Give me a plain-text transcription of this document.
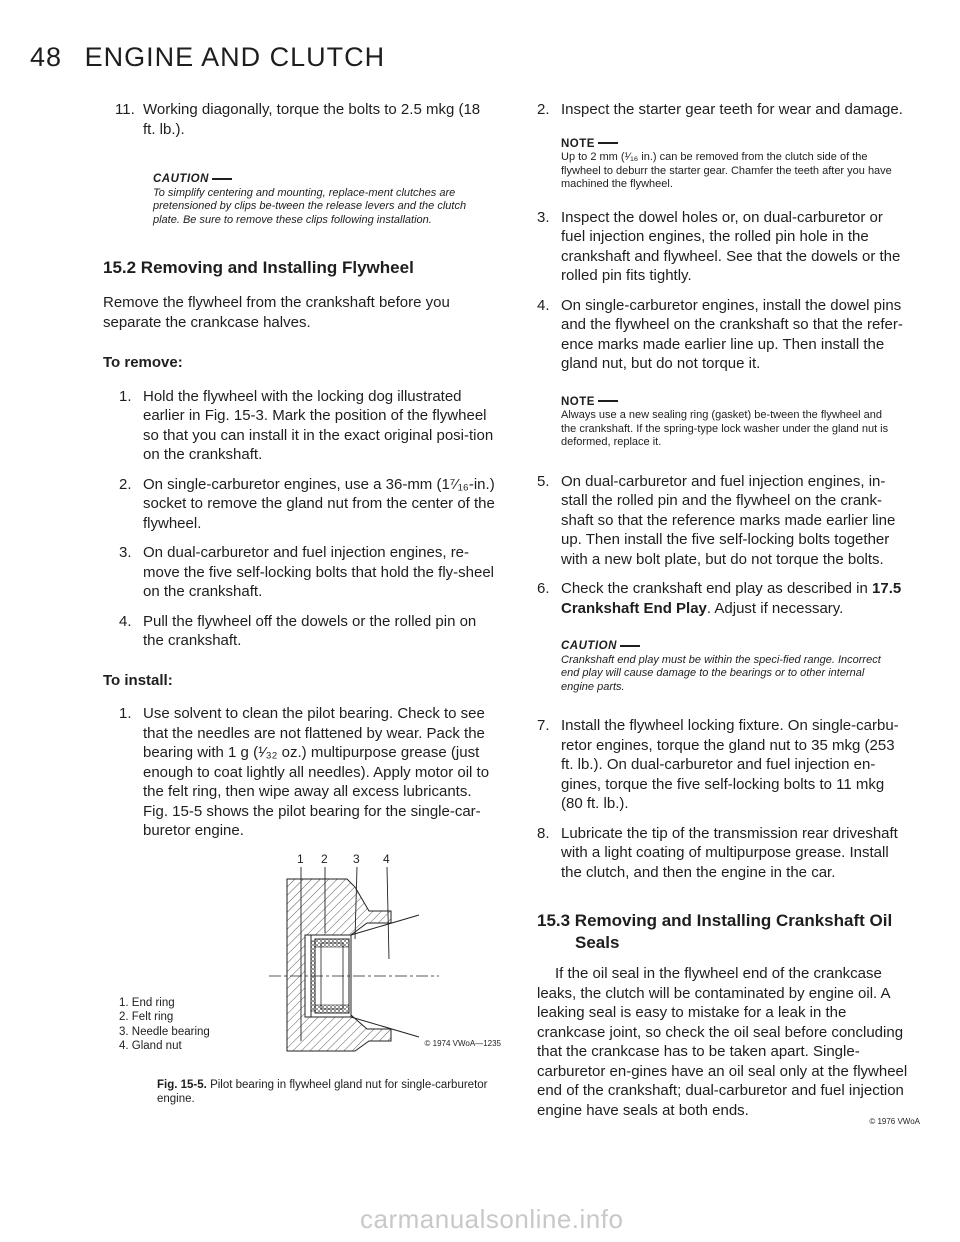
48 ENGINE AND CLUTCH
11. Working diagonally, torque the bolts to 2.5 mkg (18 ft. lb.).
CAUTION
To simplify centering and mounting, replace-ment clutches are pretensioned by clips be-tween the release levers and the clutch plate. Be sure to remove these clips following installation.
15.2 Removing and Installing Flywheel

Remove the flywheel from the crankshaft before you separate the crankcase halves.

To remove:

1. Hold the flywheel with the locking dog illustrated earlier in Fig. 15-3. Mark the position of the flywheel so that you can install it in the exact original posi-tion on the crankshaft.
2. On single-carburetor engines, use a 36-mm (1⁷⁄₁₆-in.) socket to remove the gland nut from the center of the flywheel.
3. On dual-carburetor and fuel injection engines, re-move the five self-locking bolts that hold the fly-sheel on the crankshaft.
4. Pull the flywheel off the dowels or the rolled pin on the crankshaft.

To install:

1. Use solvent to clean the pilot bearing. Check to see that the needles are not flattened by wear. Pack the bearing with 1 g (¹⁄₃₂ oz.) multipurpose grease (just enough to coat lightly all needles). Apply motor oil to the felt ring, then wipe away all excess lubricants. Fig. 15-5 shows the pilot bearing for the single-car-buretor engine.
1 2 3 4
1. End ring
2. Felt ring
3. Needle bearing
4. Gland nut	© 1974 VWoA—1235
Fig. 15-5. Pilot bearing in flywheel gland nut for single-carburetor engine.
2. Inspect the starter gear teeth for wear and damage.
NOTE
Up to 2 mm (¹⁄₁₆ in.) can be removed from the clutch side of the flywheel to deburr the starter gear. Chamfer the teeth after you have machined the flywheel.
3. Inspect the dowel holes or, on dual-carburetor or fuel injection engines, the rolled pin hole in the crankshaft and flywheel. See that the dowels or the rolled pin fits tightly.
4. On single-carburetor engines, install the dowel pins and the flywheel on the crankshaft so that the refer-ence marks made earlier line up. Then install the gland nut, but do not torque it.
NOTE
Always use a new sealing ring (gasket) be-tween the flywheel and the crankshaft. If the spring-type lock washer under the gland nut is deformed, replace it.
5. On dual-carburetor and fuel injection engines, in-stall the rolled pin and the flywheel on the crank-shaft so that the reference marks made earlier line up. Then install the five self-locking bolts together with a new bolt plate, but do not torque the bolts.
6. Check the crankshaft end play as described in 17.5 Crankshaft End Play. Adjust if necessary.
CAUTION
Crankshaft end play must be within the speci-fied range. Incorrect end play will cause damage to the bearings or to other internal engine parts.
7. Install the flywheel locking fixture. On single-carbu-retor engines, torque the gland nut to 35 mkg (253 ft. lb.). On dual-carburetor and fuel injection en-gines, torque the five self-locking bolts to 11 mkg (80 ft. lb.).
8. Lubricate the tip of the transmission rear driveshaft with a light coating of multipurpose grease. Install the clutch, and then the engine in the car.
15.3 Removing and Installing Crankshaft Oil Seals

If the oil seal in the flywheel end of the crankcase leaks, the clutch will be contaminated by engine oil. A leaking seal is easy to mistake for a leak in the crankcase joint, so check the oil seal before concluding that the crankcase has to be taken apart. Single-carburetor en-gines have an oil seal only at the flywheel end of the crankshaft; dual-carburetor and fuel injection engine have seals at both ends.

© 1976 VWoA
carmanualsonline.info
